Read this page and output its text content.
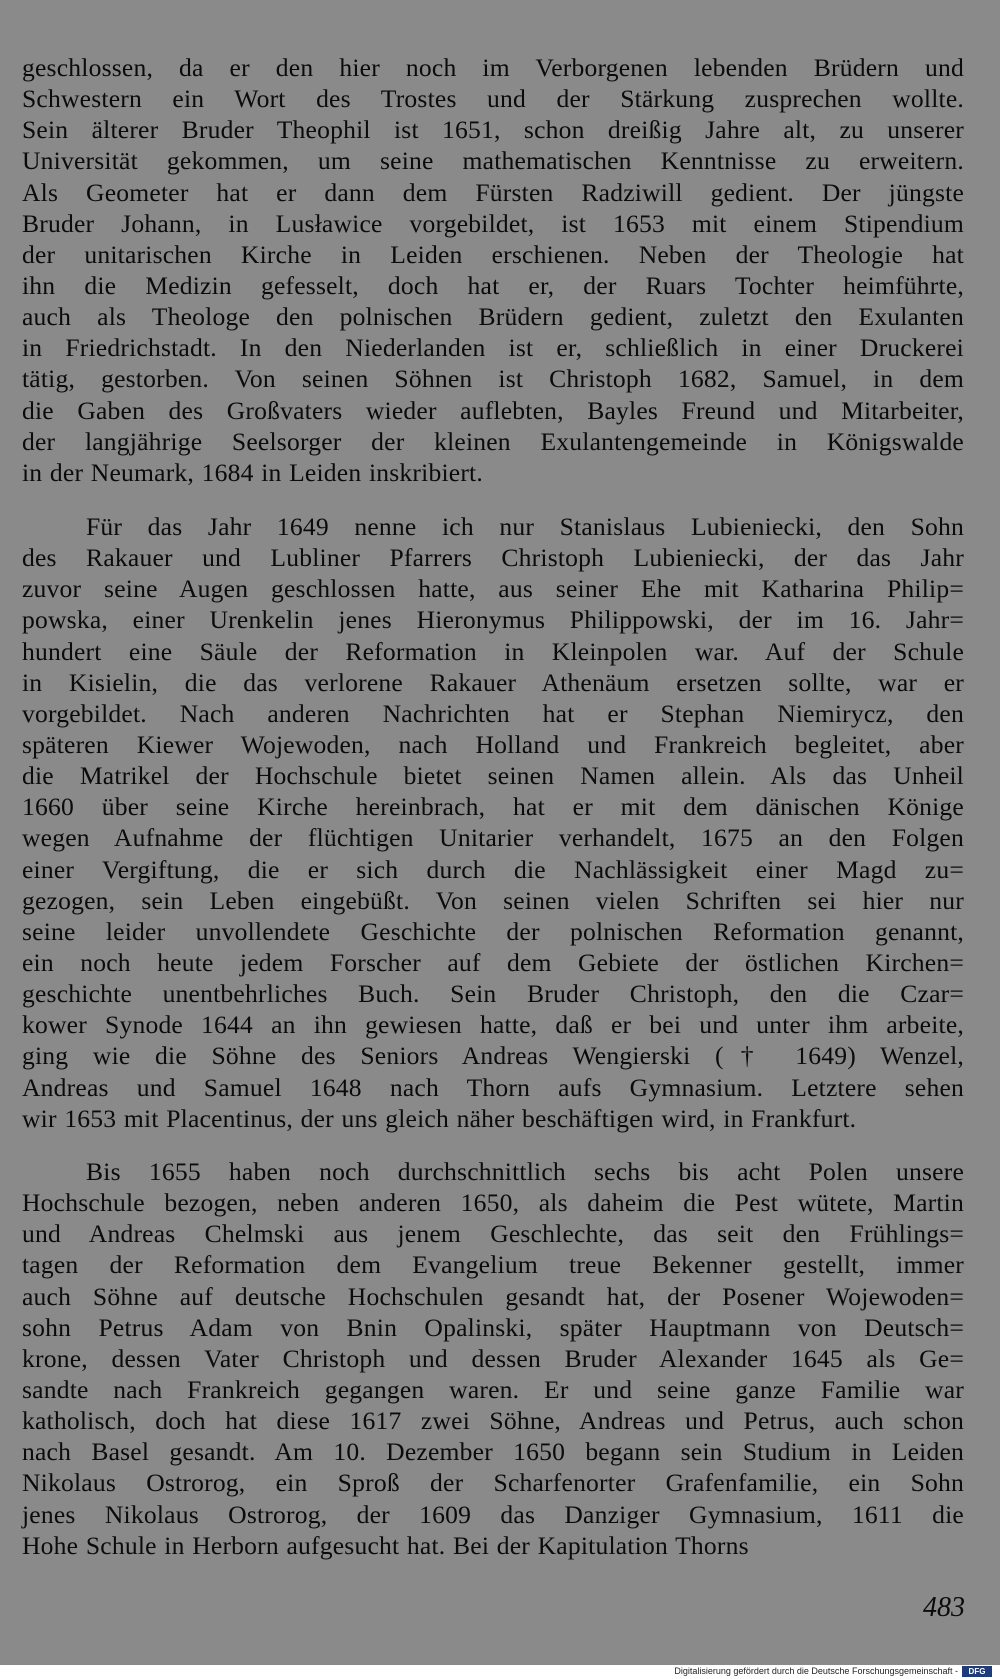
geschlossen, da er den hier noch im Verborgenen lebenden Brüdern und
Schwestern ein Wort des Trostes und der Stärkung zusprechen wollte.
Sein älterer Bruder Theophil ist 1651, schon dreißig Jahre alt, zu unserer
Universität gekommen, um seine mathematischen Kenntnisse zu erweitern.
Als Geometer hat er dann dem Fürsten Radziwill gedient. Der jüngste
Bruder Johann, in Lusławice vorgebildet, ist 1653 mit einem Stipendium
der unitarischen Kirche in Leiden erschienen. Neben der Theologie hat
ihn die Medizin gefesselt, doch hat er, der Ruars Tochter heimführte,
auch als Theologe den polnischen Brüdern gedient, zuletzt den Exulanten
in Friedrichstadt. In den Niederlanden ist er, schließlich in einer Druckerei
tätig, gestorben. Von seinen Söhnen ist Christoph 1682, Samuel, in dem
die Gaben des Großvaters wieder auflebten, Bayles Freund und Mitarbeiter,
der langjährige Seelsorger der kleinen Exulantengemeinde in Königswalde
in der Neumark, 1684 in Leiden inskribiert.
Für das Jahr 1649 nenne ich nur Stanislaus Lubieniecki, den Sohn
des Rakauer und Lubliner Pfarrers Christoph Lubieniecki, der das Jahr
zuvor seine Augen geschlossen hatte, aus seiner Ehe mit Katharina Philip=
powska, einer Urenkelin jenes Hieronymus Philippowski, der im 16. Jahr=
hundert eine Säule der Reformation in Kleinpolen war. Auf der Schule
in Kisielin, die das verlorene Rakauer Athenäum ersetzen sollte, war er
vorgebildet. Nach anderen Nachrichten hat er Stephan Niemirycz, den
späteren Kiewer Wojewoden, nach Holland und Frankreich begleitet, aber
die Matrikel der Hochschule bietet seinen Namen allein. Als das Unheil
1660 über seine Kirche hereinbrach, hat er mit dem dänischen Könige
wegen Aufnahme der flüchtigen Unitarier verhandelt, 1675 an den Folgen
einer Vergiftung, die er sich durch die Nachlässigkeit einer Magd zu=
gezogen, sein Leben eingebüßt. Von seinen vielen Schriften sei hier nur
seine leider unvollendete Geschichte der polnischen Reformation genannt,
ein noch heute jedem Forscher auf dem Gebiete der östlichen Kirchen=
geschichte unentbehrliches Buch. Sein Bruder Christoph, den die Czar=
kower Synode 1644 an ihn gewiesen hatte, daß er bei und unter ihm arbeite,
ging wie die Söhne des Seniors Andreas Wengierski († 1649) Wenzel,
Andreas und Samuel 1648 nach Thorn aufs Gymnasium. Letztere sehen
wir 1653 mit Placentinus, der uns gleich näher beschäftigen wird, in Frankfurt.
Bis 1655 haben noch durchschnittlich sechs bis acht Polen unsere
Hochschule bezogen, neben anderen 1650, als daheim die Pest wütete, Martin
und Andreas Chelmski aus jenem Geschlechte, das seit den Frühlings=
tagen der Reformation dem Evangelium treue Bekenner gestellt, immer
auch Söhne auf deutsche Hochschulen gesandt hat, der Posener Wojewoden=
sohn Petrus Adam von Bnin Opalinski, später Hauptmann von Deutsch=
krone, dessen Vater Christoph und dessen Bruder Alexander 1645 als Ge=
sandte nach Frankreich gegangen waren. Er und seine ganze Familie war
katholisch, doch hat diese 1617 zwei Söhne, Andreas und Petrus, auch schon
nach Basel gesandt. Am 10. Dezember 1650 begann sein Studium in Leiden
Nikolaus Ostrorog, ein Sproß der Scharfenorter Grafenfamilie, ein Sohn
jenes Nikolaus Ostrorog, der 1609 das Danziger Gymnasium, 1611 die
Hohe Schule in Herborn aufgesucht hat. Bei der Kapitulation Thorns
483
Digitalisierung gefördert durch die Deutsche Forschungsgemeinschaft -	DFG
